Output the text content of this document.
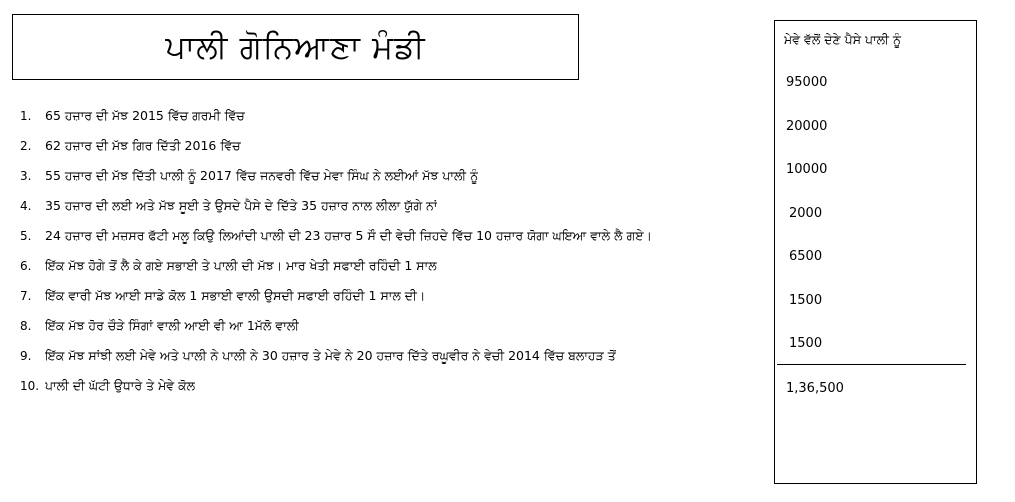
ਪਾਲੀ ਗੋਨਿਆਣਾ ਮੰਡੀ
1.	65 ਹਜ਼ਾਰ ਦੀ ਮੱਝ 2015 ਵਿੱਚ ਗਰਮੀ ਵਿੱਚ
2.	62 ਹਜ਼ਾਰ ਦੀ ਮੱਝ ਗਿਰ ਦਿੱਤੀ 2016 ਵਿੱਚ
3.	55 ਹਜ਼ਾਰ ਦੀ ਮੱਝ ਦਿੱਤੀ ਪਾਲੀ ਨੂੰ 2017 ਵਿੱਚ ਜਨਵਰੀ ਵਿੱਚ ਮੇਵਾ ਸਿੰਘ ਨੇ ਲਈਆਂ ਮੱਝ ਪਾਲੀ ਨੂੰ
4.	35 ਹਜ਼ਾਰ ਦੀ ਲਈ ਅਤੇ ਮੱਝ ਸੂਈ ਤੇ ਉਸਦੇ ਪੈਸੇ ਦੇ ਦਿੱਤੇ 35 ਹਜ਼ਾਰ ਨਾਲ ਲੀਲਾ ਯੁੱਗੇ ਨਾਂ
5.	24 ਹਜ਼ਾਰ ਦੀ ਮਜ਼ਸਰ ਫੱਟੀ ਮਲੂ ਕਿਉ ਲਿਆਂਦੀ ਪਾਲੀ ਦੀ 23 ਹਜ਼ਾਰ 5 ਸੌ ਦੀ ਵੇਚੀ ਜ਼ਿਹਦੇ ਵਿੱਚ 10 ਹਜ਼ਾਰ ਯੋਗਾ ਘਇਆ ਵਾਲੇ ਲੈ ਗਏ।
6.	ਇੱਕ ਮੱਝ ਹੋਗੇ ਤੋਂ ਲੈ ਕੇ ਗਏ ਸਭਾਈ ਤੇ ਪਾਲੀ ਦੀ ਮੱਝ। ਮਾਰ ਖੇਤੀ ਸਫਾਈ ਰਹਿੰਦੀ 1 ਸਾਲ
7.	ਇੱਕ ਵਾਰੀ ਮੱਝ ਆਈ ਸਾਡੇ ਕੋਲ 1 ਸਭਾਈ ਵਾਲੀ ਉਸਦੀ ਸਫਾਈ ਰਹਿੰਦੀ 1 ਸਾਲ ਦੀ।
8.	ਇੱਕ ਮੱਝ ਹੋਰ ਚੌੜੇ ਸਿੰਗਾਂ ਵਾਲੀ ਆਈ ਵੀ ਆ 1ਮੱਲੋ ਵਾਲੀ
9.	ਇੱਕ ਮੱਝ ਸਾਂਝੀ ਲਈ ਮੇਵੇ ਅਤੇ ਪਾਲੀ ਨੇ ਪਾਲੀ ਨੇ 30 ਹਜ਼ਾਰ ਤੇ ਮੇਵੇ ਨੇ 20 ਹਜ਼ਾਰ ਦਿੱਤੇ ਰਘੂਵੀਰ ਨੇ ਵੇਚੀ 2014 ਵਿੱਚ ਬਲਾਹੜ ਤੋਂ
10. ਪਾਲੀ ਦੀ ਘੱਟੀ ਉਧਾਰੇ ਤੇ ਮੇਵੇ ਕੋਲ
ਮੇਵੇ ਵੱਲੋਂ ਦੇਣੇ ਪੈਸੇ ਪਾਲੀ ਨੂੰ
95000
20000
10000
2000
6500
1500
1500
1,36,500
